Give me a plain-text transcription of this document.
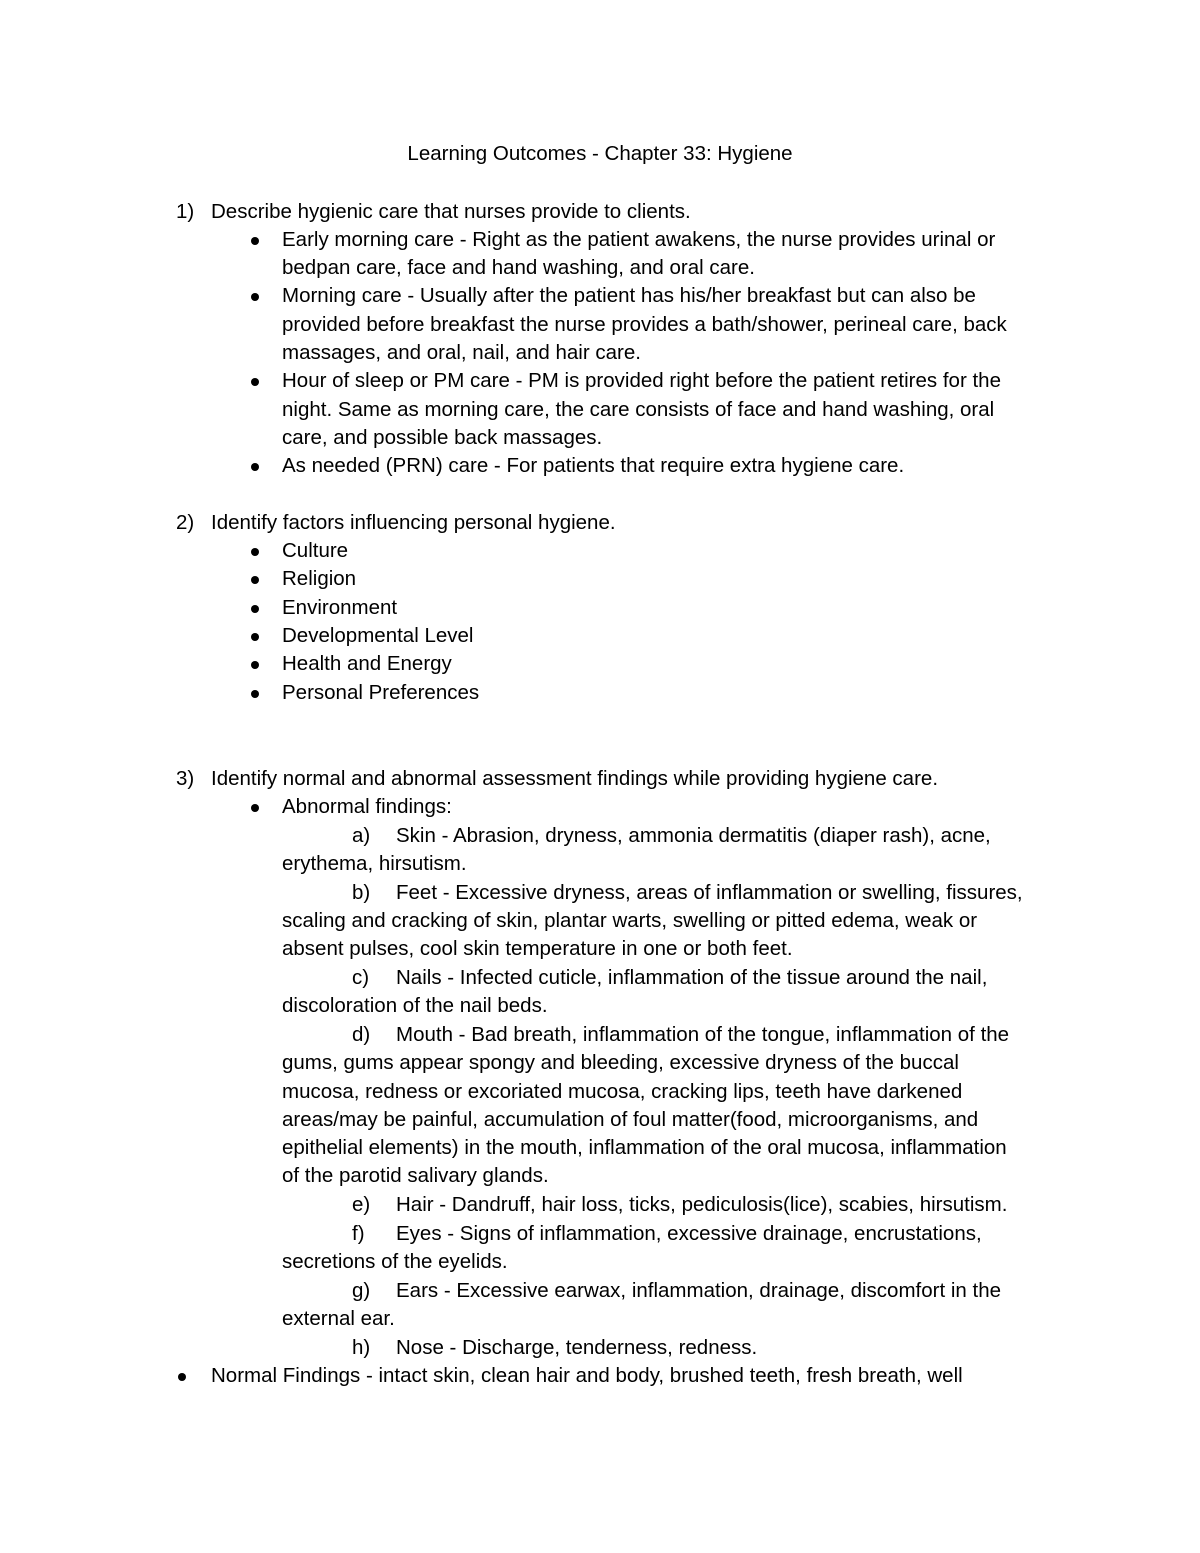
Learning Outcomes - Chapter 33: Hygiene
1) Describe hygienic care that nurses provide to clients.
Early morning care - Right as the patient awakens, the nurse provides urinal or
bedpan care, face and hand washing, and oral care.
Morning care - Usually after the patient has his/her breakfast but can also be
provided before breakfast the nurse provides a bath/shower, perineal care, back
massages, and oral, nail, and hair care.
Hour of sleep or PM care - PM is provided right before the patient retires for the
night. Same as morning care, the care consists of face and hand washing, oral
care, and possible back massages.
As needed (PRN) care - For patients that require extra hygiene care.
2) Identify factors influencing personal hygiene.
Culture
Religion
Environment
Developmental Level
Health and Energy
Personal Preferences
3) Identify normal and abnormal assessment findings while providing hygiene care.
Abnormal findings:
a) Skin - Abrasion, dryness, ammonia dermatitis (diaper rash), acne,
erythema, hirsutism.
b) Feet - Excessive dryness, areas of inflammation or swelling, fissures,
scaling and cracking of skin, plantar warts, swelling or pitted edema, weak or
absent pulses, cool skin temperature in one or both feet.
c) Nails - Infected cuticle, inflammation of the tissue around the nail,
discoloration of the nail beds.
d) Mouth - Bad breath, inflammation of the tongue, inflammation of the
gums, gums appear spongy and bleeding, excessive dryness of the buccal
mucosa, redness or excoriated mucosa, cracking lips, teeth have darkened
areas/may be painful, accumulation of foul matter(food, microorganisms, and
epithelial elements) in the mouth, inflammation of the oral mucosa, inflammation
of the parotid salivary glands.
e) Hair - Dandruff, hair loss, ticks, pediculosis(lice), scabies, hirsutism.
f) Eyes - Signs of inflammation, excessive drainage, encrustations,
secretions of the eyelids.
g) Ears - Excessive earwax, inflammation, drainage, discomfort in the
external ear.
h) Nose - Discharge, tenderness, redness.
Normal Findings - intact skin, clean hair and body, brushed teeth, fresh breath, well
